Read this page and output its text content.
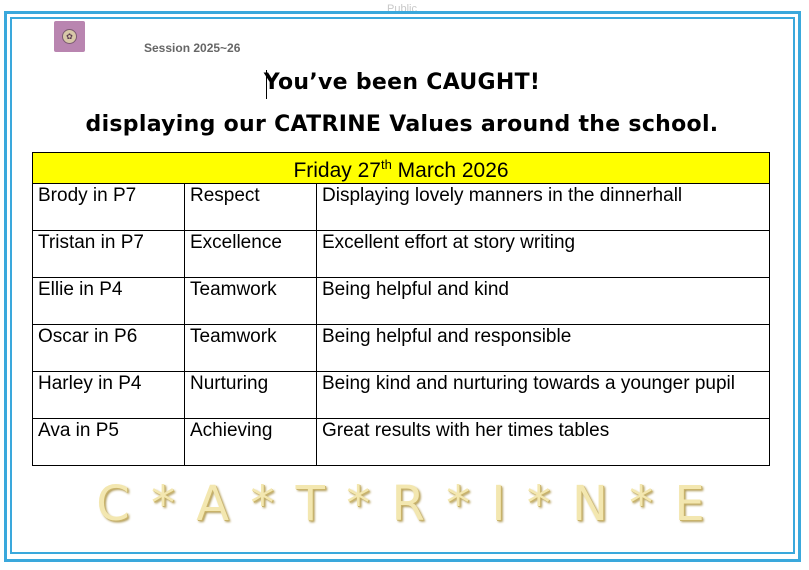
Public
✿
Session 2025~26
You’ve been CAUGHT!
displaying our CATRINE Values around the school.
Friday 27th March 2026		
Brody in P7	Respect	Displaying lovely manners in the dinnerhall
Tristan in P7	Excellence	Excellent effort at story writing
Ellie in P4	Teamwork	Being helpful and kind
Oscar in P6	Teamwork	Being helpful and responsible
Harley in P4	Nurturing	Being kind and nurturing towards a younger pupil
Ava in P5	Achieving	Great results with her times tables
C * A * T * R * I * N * E
